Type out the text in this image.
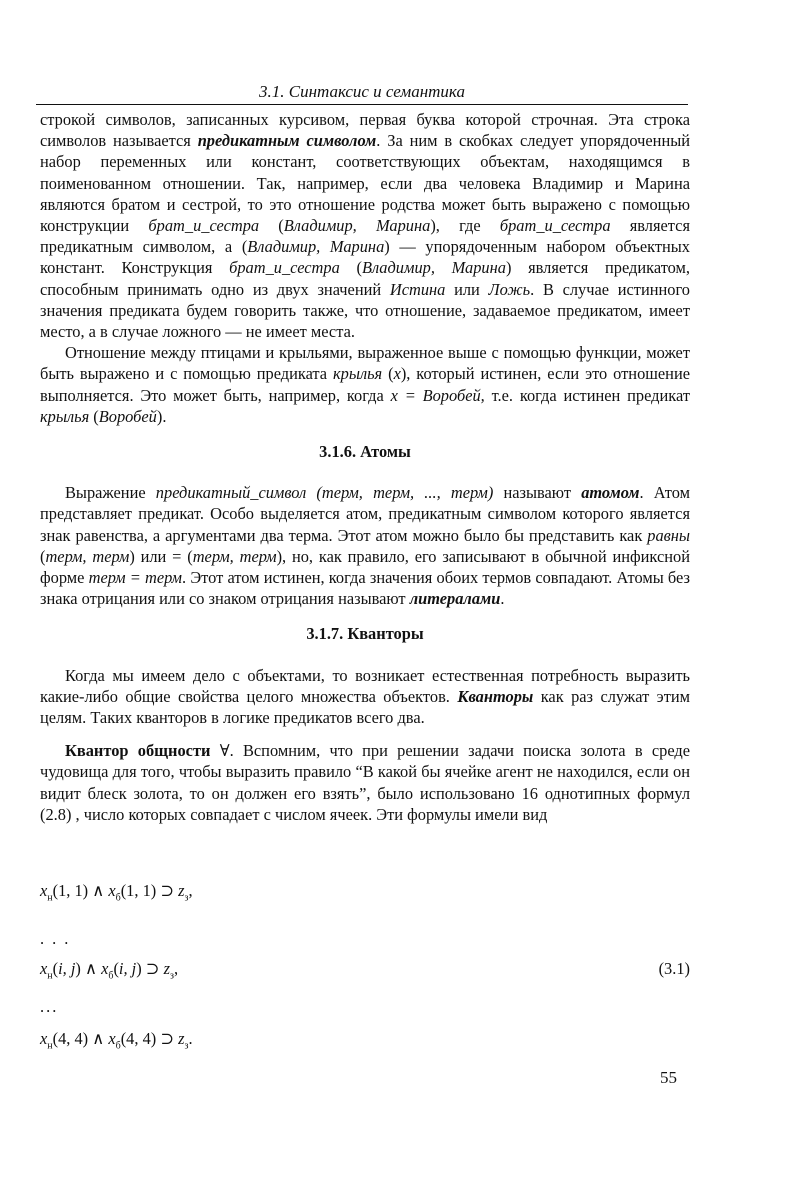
3.1. Синтаксис и семантика

строкой символов, записанных курсивом, первая буква которой строчная. Эта строка символов называется предикатным символом. За ним в скобках следует упорядоченный набор переменных или констант, соответствующих объектам, находящимся в поименованном отношении. Так, например, если два человека Владимир и Марина являются братом и сестрой, то это отношение родства может быть выражено с помощью конструкции брат_и_сестра (Владимир, Марина), где брат_и_сестра является предикатным символом, а (Владимир, Марина) — упорядоченным набором объектных констант. Конструкция брат_и_сестра (Владимир, Марина) является предикатом, способным принимать одно из двух значений Истина или Ложь. В случае истинного значения предиката будем говорить также, что отношение, задаваемое предикатом, имеет место, а в случае ложного — не имеет места.

Отношение между птицами и крыльями, выраженное выше с помощью функции, может быть выражено и с помощью предиката крылья (x), который истинен, если это отношение выполняется. Это может быть, например, когда x = Воробей, т.е. когда истинен предикат крылья (Воробей).

3.1.6. Атомы

Выражение предикатный_символ (терм, терм, ..., терм) называют атомом. Атом представляет предикат. Особо выделяется атом, предикатным символом которого является знак равенства, а аргументами два терма. Этот атом можно было бы представить как равны (терм, терм) или = (терм, терм), но, как правило, его записывают в обычной инфиксной форме терм = терм. Этот атом истинен, когда значения обоих термов совпадают. Атомы без знака отрицания или со знаком отрицания называют литералами.

3.1.7. Кванторы

Когда мы имеем дело с объектами, то возникает естественная потребность выразить какие-либо общие свойства целого множества объектов. Кванторы как раз служат этим целям. Таких кванторов в логике предикатов всего два.

Квантор общности ∀. Вспомним, что при решении задачи поиска золота в среде чудовища для того, чтобы выразить правило “В какой бы ячейке агент не находился, если он видит блеск золота, то он должен его взять”, было использовано 16 однотипных формул (2.8) , число которых совпадает с числом ячеек. Эти формулы имели вид

$x_н(1$, 1) ∧ $x_б(1$, 1) ⊃ $z_з$,
...
$x_н(i$, j) ∧ $x_б(i$, j) ⊃ $z_з$,	(3.1)
...
$x_н(4$, 4) ∧ $x_б(4$, 4) ⊃ $z_з$.
55
